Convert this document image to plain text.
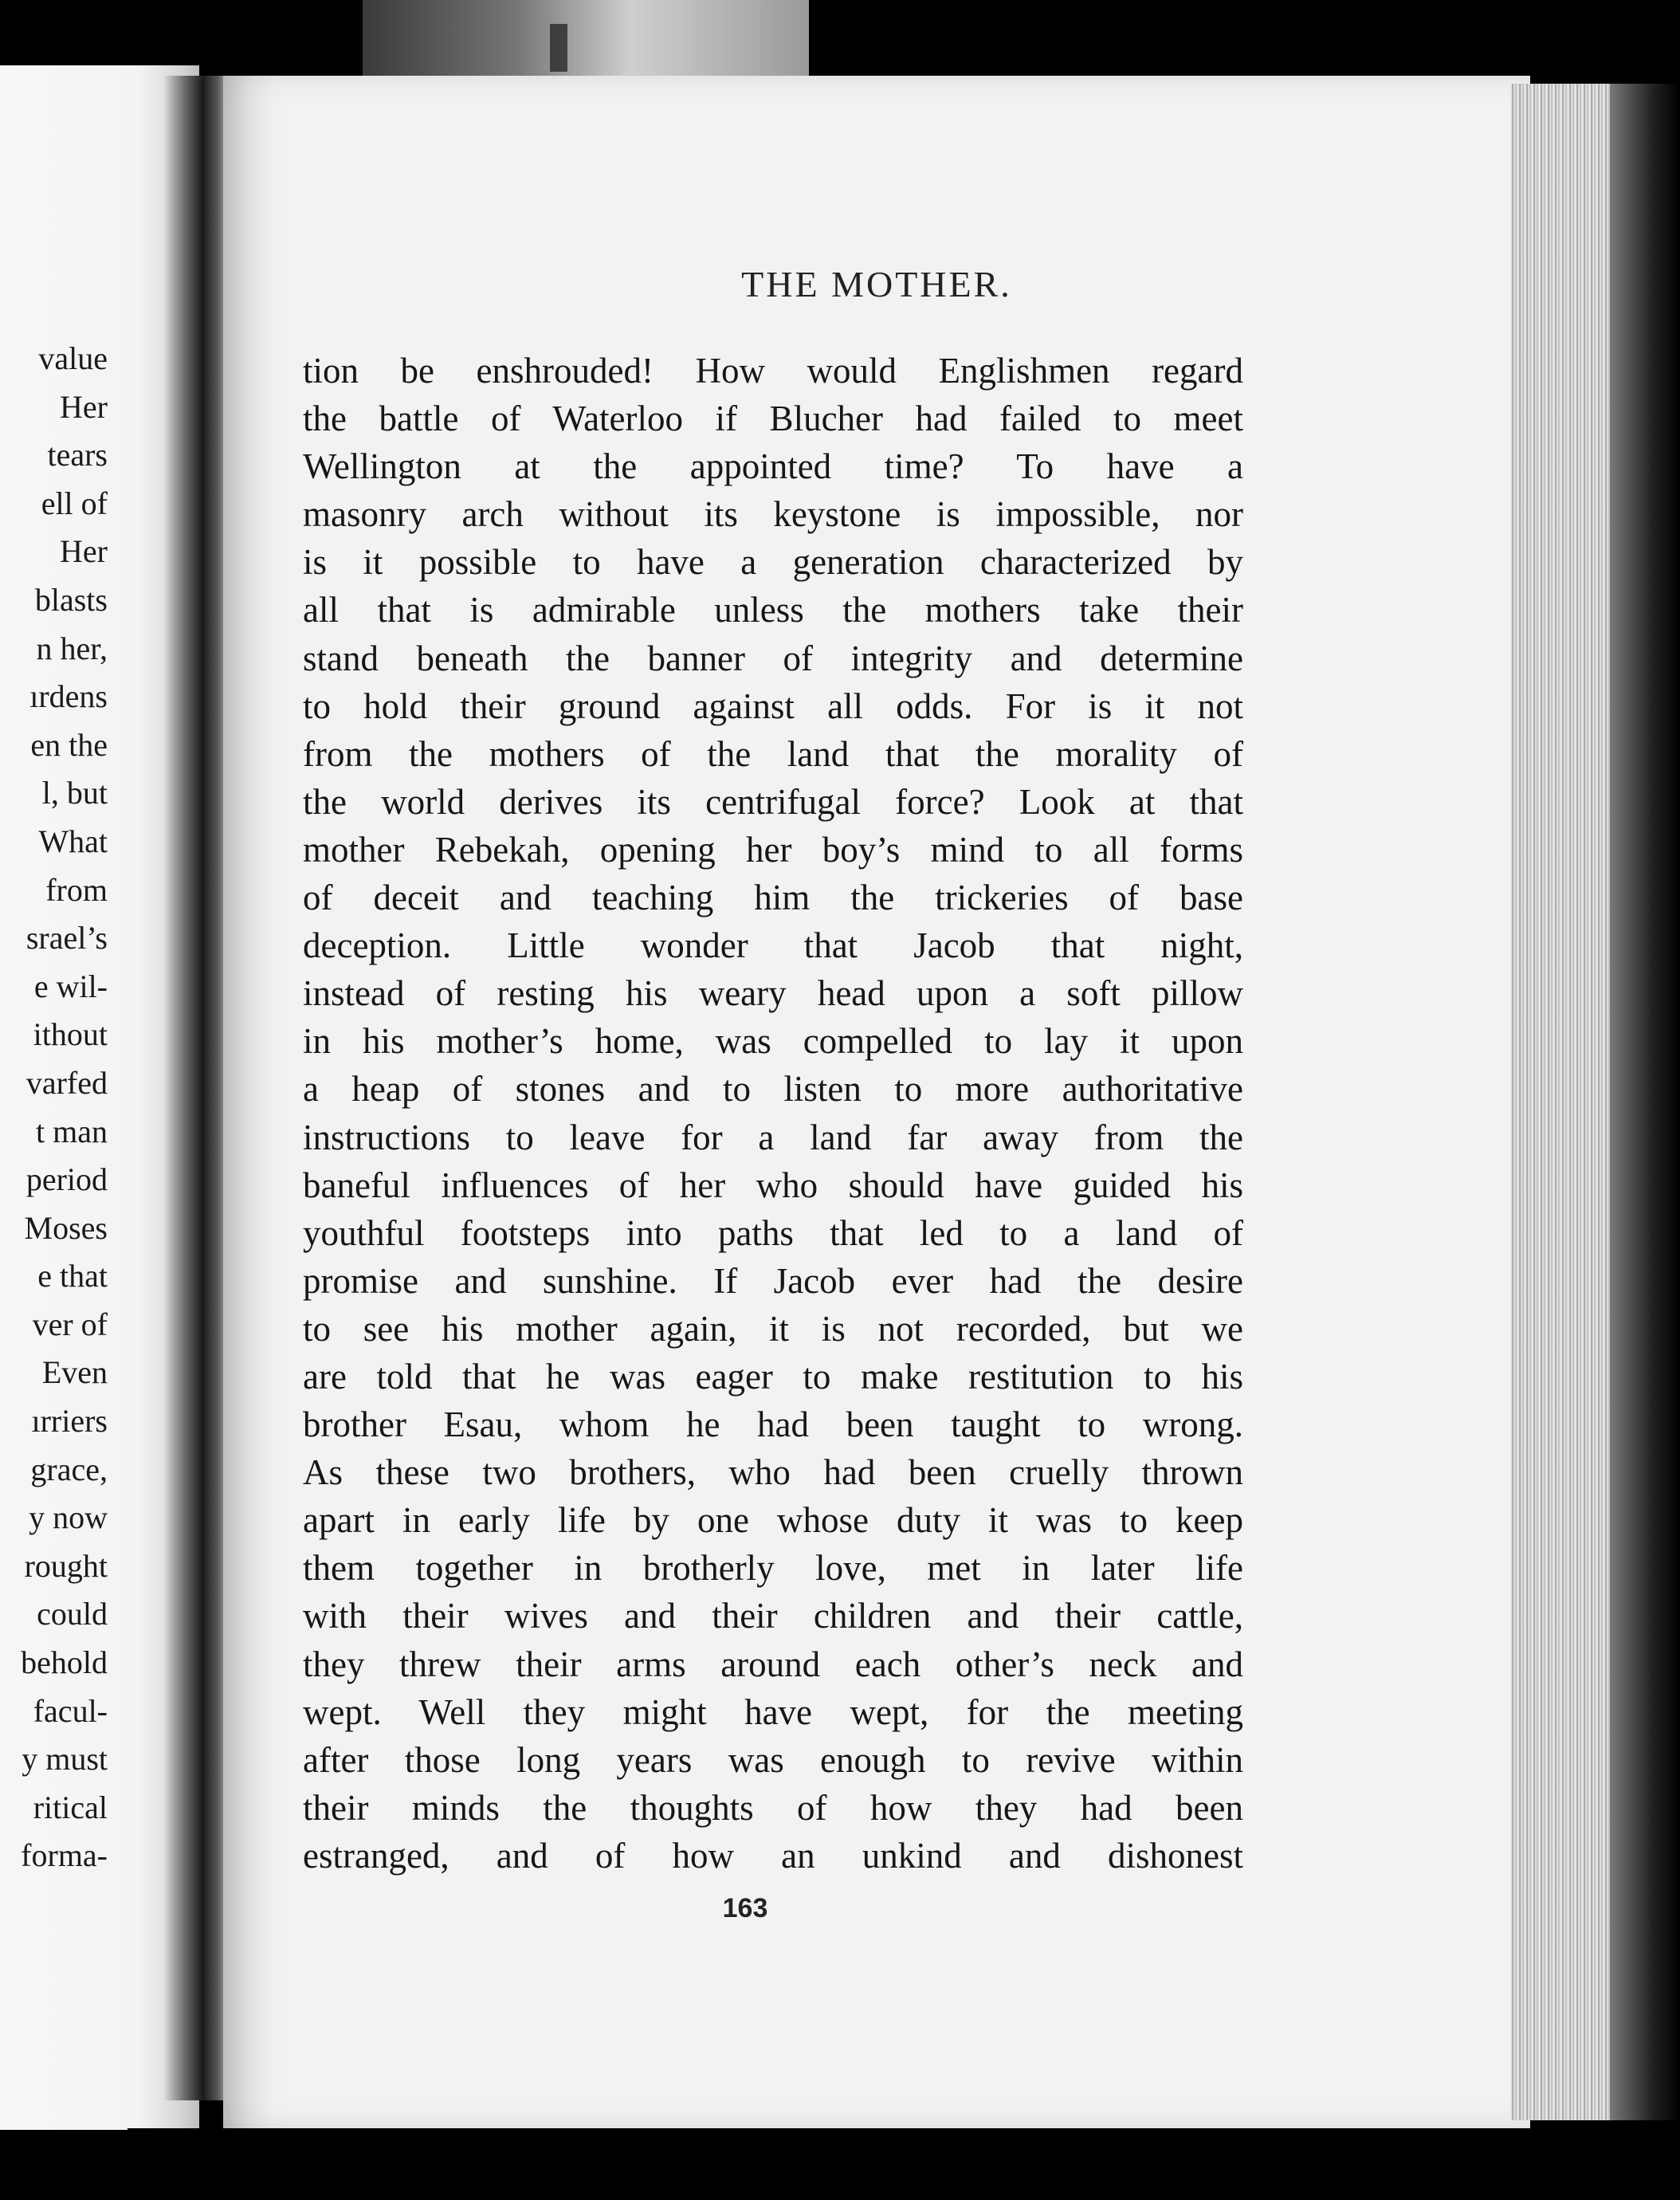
value
Her
tears
ell of
Her
blasts
n her,
ırdens
en the
l, but
What
from
srael’s
e wil-
ithout
varfed
t man
period
Moses
e that
ver of
Even
ırriers
grace,
y now
rought
could
behold
facul-
y must
ritical
forma-
THE MOTHER.
tion be enshrouded! How would Englishmen regard
the battle of Waterloo if Blucher had failed to meet
Wellington at the appointed time? To have a
masonry arch without its keystone is impossible, nor
is it possible to have a generation characterized by
all that is admirable unless the mothers take their
stand beneath the banner of integrity and determine
to hold their ground against all odds. For is it not
from the mothers of the land that the morality of
the world derives its centrifugal force? Look at that
mother Rebekah, opening her boy’s mind to all forms
of deceit and teaching him the trickeries of base
deception. Little wonder that Jacob that night,
instead of resting his weary head upon a soft pillow
in his mother’s home, was compelled to lay it upon
a heap of stones and to listen to more authoritative
instructions to leave for a land far away from the
baneful influences of her who should have guided his
youthful footsteps into paths that led to a land of
promise and sunshine. If Jacob ever had the desire
to see his mother again, it is not recorded, but we
are told that he was eager to make restitution to his
brother Esau, whom he had been taught to wrong.
As these two brothers, who had been cruelly thrown
apart in early life by one whose duty it was to keep
them together in brotherly love, met in later life
with their wives and their children and their cattle,
they threw their arms around each other’s neck and
wept. Well they might have wept, for the meeting
after those long years was enough to revive within
their minds the thoughts of how they had been
estranged, and of how an unkind and dishonest
163
